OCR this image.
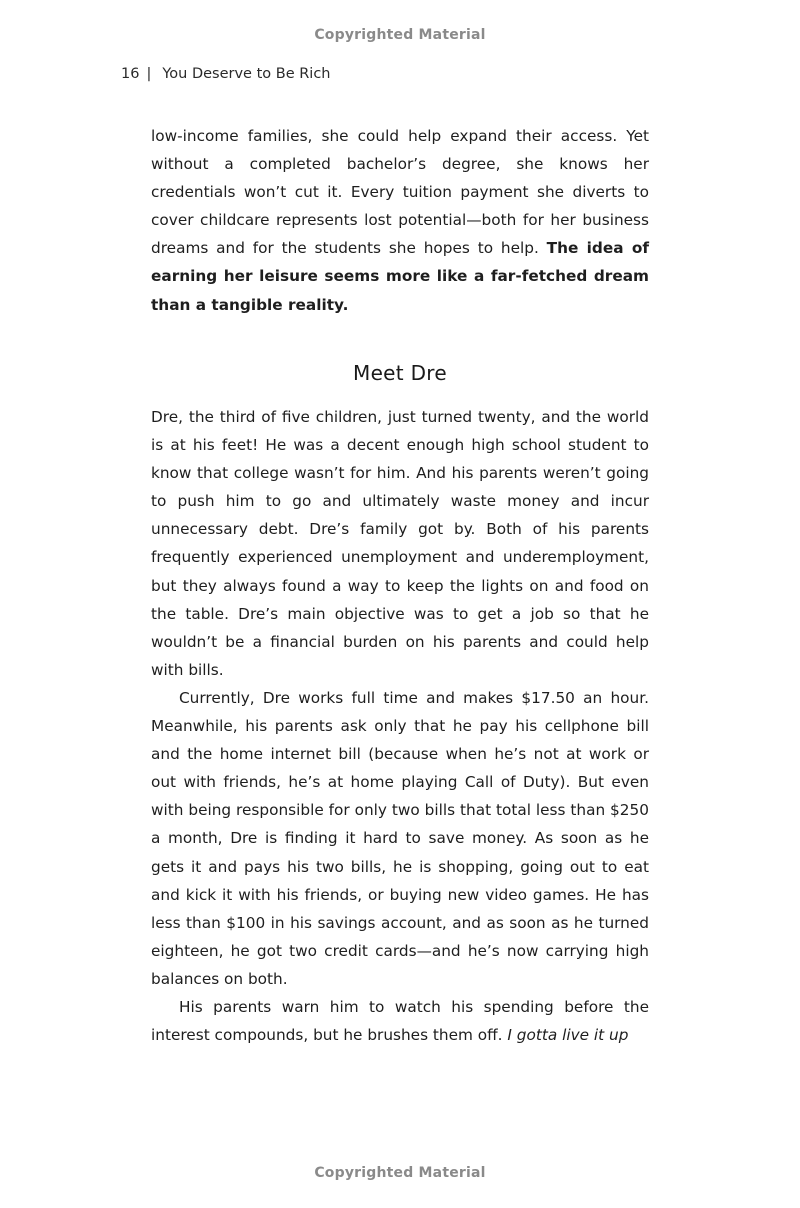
Copyrighted Material
16 | You Deserve to Be Rich

low-income families, she could help expand their access. Yet without a completed bachelor’s degree, she knows her credentials won’t cut it. Every tuition payment she diverts to cover childcare represents lost potential—both for her business dreams and for the students she hopes to help. The idea of earning her leisure seems more like a far-fetched dream than a tangible reality.

Meet Dre

Dre, the third of five children, just turned twenty, and the world is at his feet! He was a decent enough high school student to know that college wasn’t for him. And his parents weren’t going to push him to go and ultimately waste money and incur unnecessary debt. Dre’s family got by. Both of his parents frequently experienced unemployment and underemployment, but they always found a way to keep the lights on and food on the table. Dre’s main objective was to get a job so that he wouldn’t be a financial burden on his parents and could help with bills.

Currently, Dre works full time and makes $17.50 an hour. Meanwhile, his parents ask only that he pay his cellphone bill and the home internet bill (because when he’s not at work or out with friends, he’s at home playing Call of Duty). But even with being responsible for only two bills that total less than $250 a month, Dre is finding it hard to save money. As soon as he gets it and pays his two bills, he is shopping, going out to eat and kick it with his friends, or buying new video games. He has less than $100 in his savings account, and as soon as he turned eighteen, he got two credit cards—and he’s now carrying high balances on both.

His parents warn him to watch his spending before the interest compounds, but he brushes them off. I gotta live it up

Copyrighted Material
